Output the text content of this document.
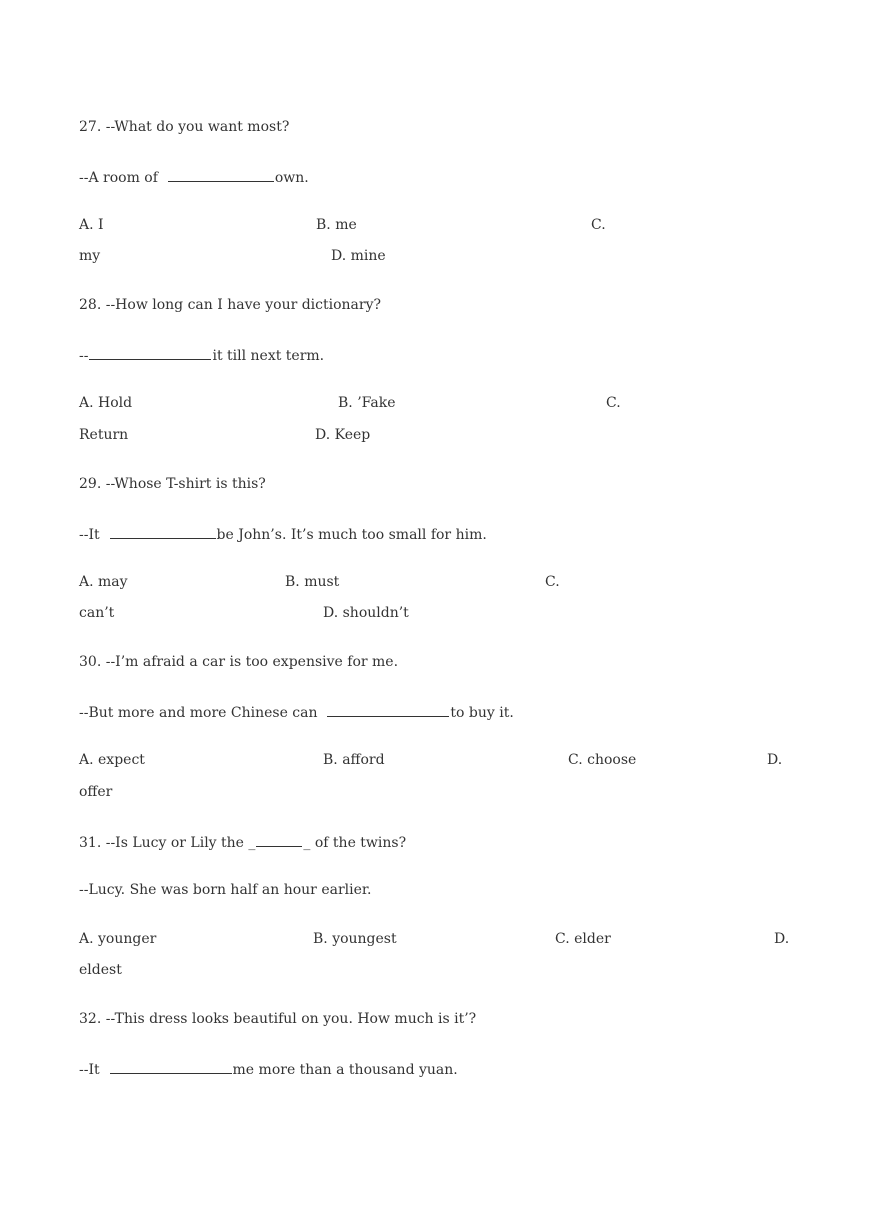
27. --What do you want most?
--A room of	own.
A. I	B. me	C.
my	D. mine
28. --How long can I have your dictionary?
--	it till next term.
A. Hold	B. ’Fake	C.
Return	D. Keep
29. --Whose T-shirt is this?
--It	be John’s. It’s much too small for him.
A. may	B. must	C.
can’t	D. shouldn’t
30. --I’m afraid a car is too expensive for me.
--But more and more Chinese can	to buy it.
A. expect	B. afford	C. choose	D.
offer
31. --Is Lucy or Lily the _	_ of the twins?
--Lucy. She was born half an hour earlier.
A. younger	B. youngest	C. elder	D.
eldest
32. --This dress looks beautiful on you. How much is it’?
--It	me more than a thousand yuan.
